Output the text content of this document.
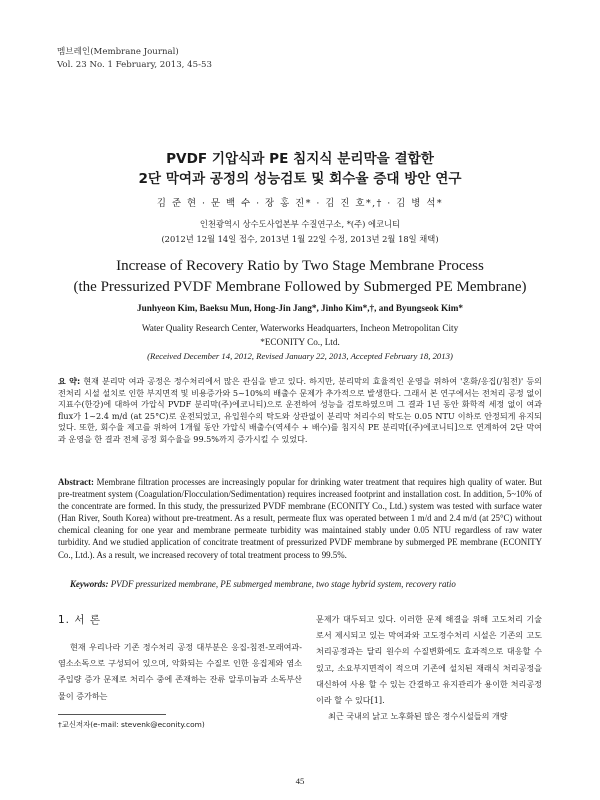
멤브레인(Membrane Journal)
Vol. 23 No. 1 February, 2013, 45-53
PVDF 기압식과 PE 침지식 분리막을 결합한
2단 막여과 공정의 성능검토 및 회수율 증대 방안 연구
김 준 현 · 문 백 수 · 장 홍 진* · 김 진 호*,† · 김 병 석*
인천광역시 상수도사업본부 수질연구소, *(주) 에코니티
(2012년 12월 14일 접수, 2013년 1월 22일 수정, 2013년 2월 18일 채택)
Increase of Recovery Ratio by Two Stage Membrane Process
(the Pressurized PVDF Membrane Followed by Submerged PE Membrane)
Junhyeon Kim, Baeksu Mun, Hong-Jin Jang*, Jinho Kim*,†, and Byungseok Kim*
Water Quality Research Center, Waterworks Headquarters, Incheon Metropolitan City
*ECONITY Co., Ltd.
(Received December 14, 2012, Revised January 22, 2013, Accepted February 18, 2013)
요 약: 현재 분리막 여과 공정은 정수처리에서 많은 관심을 받고 있다. 하지만, 분리막의 효율적인 운영을 위하여 '혼화/응집(/침전)' 등의 전처리 시설 설치로 인한 부지면적 및 비용증가와 5~10%의 배출수 문제가 추가적으로 발생한다. 그래서 본 연구에서는 전처리 공정 없이 지표수(한강)에 대하여 가압식 PVDF 분리막(주)에코니티)으로 운전하여 성능을 검토하였으며 그 결과 1년 동안 화학적 세정 없이 여과 flux가 1~2.4 m/d (at 25°C)로 운전되었고, 유입원수의 탁도와 상관없이 분리막 처리수의 탁도는 0.05 NTU 이하로 안정되게 유지되었다. 또한, 회수율 제고를 위하여 1개월 동안 가압식 배출수(역세수 + 배수)를 침지식 PE 분리막[(주)에코니티]으로 연계하여 2단 막여과 운영을 한 결과 전체 공정 회수율을 99.5%까지 증가시킬 수 있었다.
Abstract: Membrane filtration processes are increasingly popular for drinking water treatment that requires high quality of water. But pre-treatment system (Coagulation/Flocculation/Sedimentation) requires increased footprint and installation cost. In addition, 5~10% of the concentrate are formed. In this study, the pressurized PVDF membrane (ECONITY Co., Ltd.) system was tested with surface water (Han River, South Korea) without pre-treatment. As a result, permeate flux was operated between 1 m/d and 2.4 m/d (at 25°C) without chemical cleaning for one year and membrane permeate turbidity was maintained stably under 0.05 NTU regardless of raw water turbidity. And we studied application of concitrate treatment of pressurized PVDF membrane by submerged PE membrane (ECONITY Co., Ltd.). As a result, we increased recovery of total treatment process to 99.5%.
Keywords: PVDF pressurized membrane, PE submerged membrane, two stage hybrid system, recovery ratio
1. 서 론

현재 우리나라 기존 정수처리 공정 대부분은 응집-침전-모래여과-염소소독으로 구성되어 있으며, 악화되는 수질로 인한 응집제와 염소주입량 증가 문제로 처리수 중에 존재하는 잔류 알루미늄과 소독부산물이 증가하는

문제가 대두되고 있다. 이러한 문제 해결을 위해 고도처리 기술로서 제시되고 있는 막여과와 고도정수처리 시설은 기존의 고도처리공정과는 달리 원수의 수질변화에도 효과적으로 대응할 수 있고, 소요부지면적이 적으며 기존에 설치된 재래식 처리공정을 대신하여 사용 할 수 있는 간결하고 유지관리가 용이한 처리공정이라 할 수 있다[1].

최근 국내의 낡고 노후화된 많은 정수시설들의 개량

†교신저자(e-mail: stevenk@econity.com)
45
